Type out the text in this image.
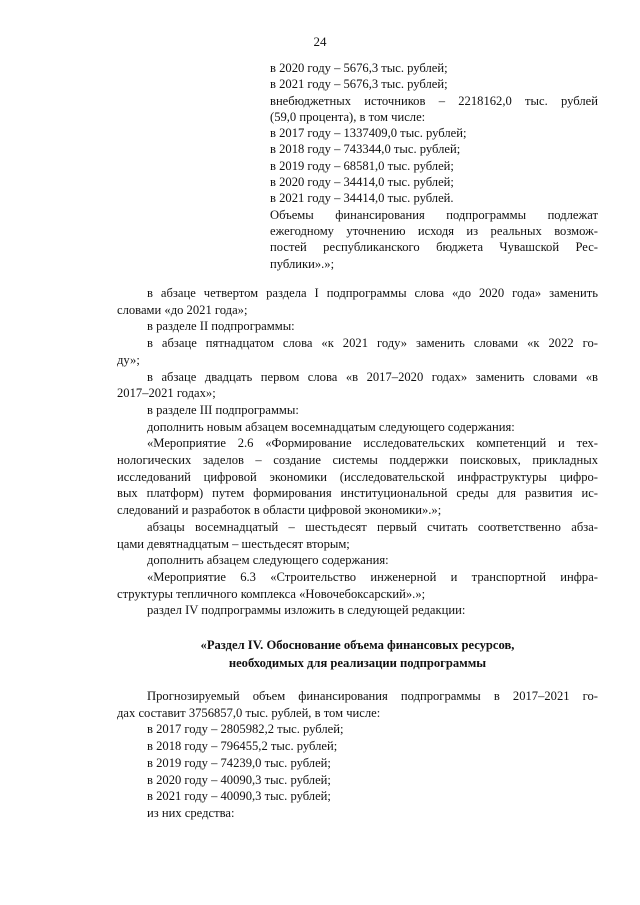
24
в 2020 году – 5676,3 тыс. рублей;
в 2021 году – 5676,3 тыс. рублей;
внебюджетных источников – 2218162,0 тыс. рублей
(59,0 процента), в том числе:
в 2017 году – 1337409,0 тыс. рублей;
в 2018 году – 743344,0 тыс. рублей;
в 2019 году – 68581,0 тыс. рублей;
в 2020 году – 34414,0 тыс. рублей;
в 2021 году – 34414,0 тыс. рублей.
Объемы финансирования подпрограммы подлежат
ежегодному уточнению исходя из реальных возмож-
постей республиканского бюджета Чувашской Рес-
публики».»;

в абзаце четвертом раздела I подпрограммы слова «до 2020 года» заменить

словами «до 2021 года»;

в разделе II подпрограммы:

в абзаце пятнадцатом слова «к 2021 году» заменить словами «к 2022 го-

ду»;

в абзаце двадцать первом слова «в 2017–2020 годах» заменить словами «в

2017–2021 годах»;

в разделе III подпрограммы:

дополнить новым абзацем восемнадцатым следующего содержания:

«Мероприятие 2.6 «Формирование исследовательских компетенций и тех-

нологических заделов – создание системы поддержки поисковых, прикладных

исследований цифровой экономики (исследовательской инфраструктуры цифро-

вых платформ) путем формирования институциональной среды для развития ис-

следований и разработок в области цифровой экономики».»;

абзацы восемнадцатый – шестьдесят первый считать соответственно абза-

цами девятнадцатым – шестьдесят вторым;

дополнить абзацем следующего содержания:

«Мероприятие 6.3 «Строительство инженерной и транспортной инфра-

структуры тепличного комплекса «Новочебоксарский».»;

раздел IV подпрограммы изложить в следующей редакции:

«Раздел IV. Обоснование объема финансовых ресурсов,

необходимых для реализации подпрограммы

Прогнозируемый объем финансирования подпрограммы в 2017–2021 го-

дах составит 3756857,0 тыс. рублей, в том числе:

в 2017 году – 2805982,2 тыс. рублей;

в 2018 году – 796455,2 тыс. рублей;

в 2019 году – 74239,0 тыс. рублей;

в 2020 году – 40090,3 тыс. рублей;

в 2021 году – 40090,3 тыс. рублей;

из них средства:
